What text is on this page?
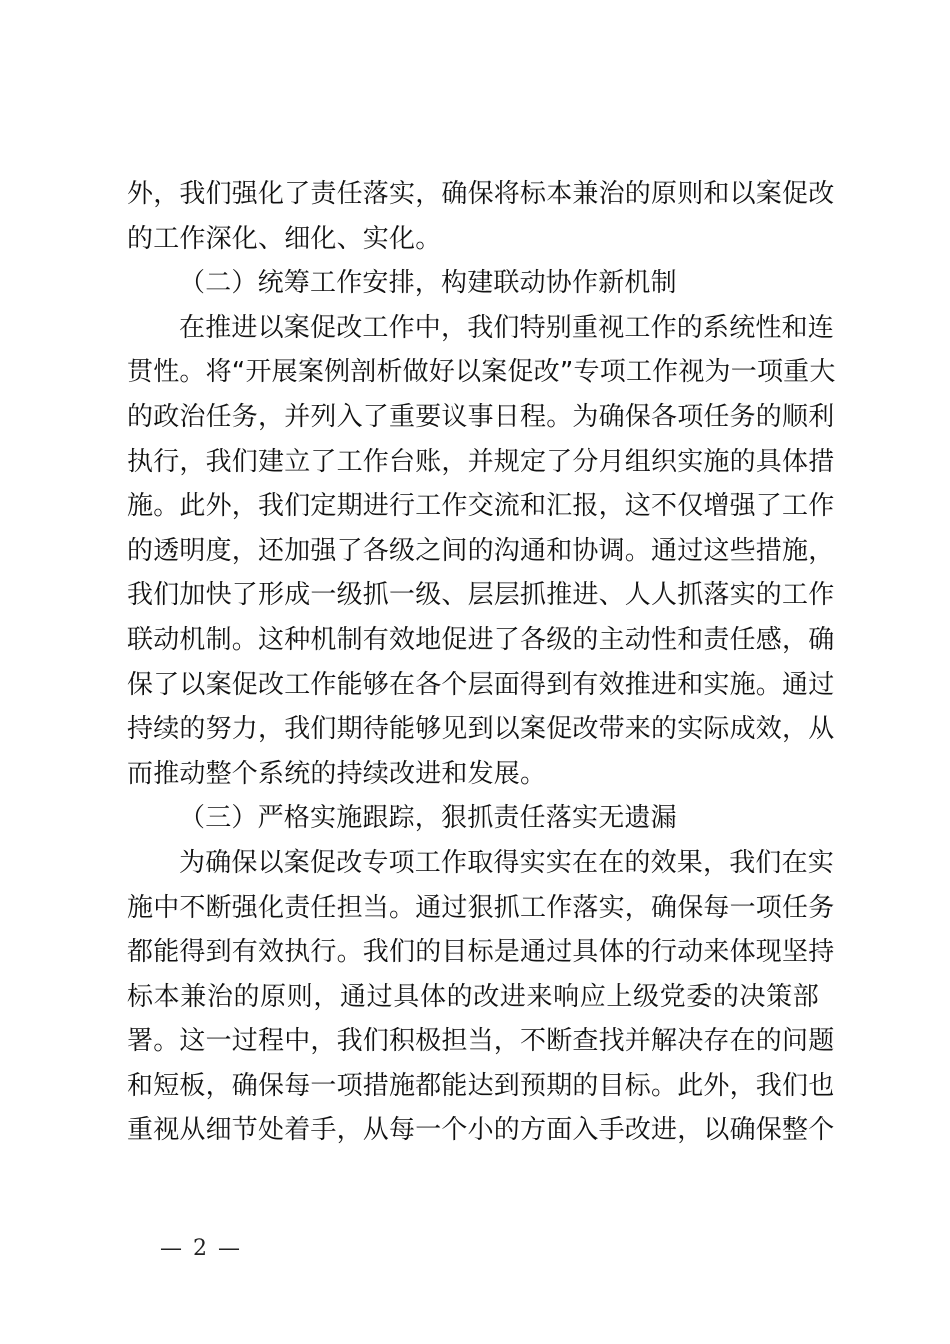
外，我们强化了责任落实，确保将标本兼治的原则和以案促改
的工作深化、细化、实化。
（二）统筹工作安排，构建联动协作新机制
在推进以案促改工作中，我们特别重视工作的系统性和连
贯性。将“开展案例剖析做好以案促改”专项工作视为一项重大
的政治任务，并列入了重要议事日程。为确保各项任务的顺利
执行，我们建立了工作台账，并规定了分月组织实施的具体措
施。此外，我们定期进行工作交流和汇报，这不仅增强了工作
的透明度，还加强了各级之间的沟通和协调。通过这些措施，
我们加快了形成一级抓一级、层层抓推进、人人抓落实的工作
联动机制。这种机制有效地促进了各级的主动性和责任感，确
保了以案促改工作能够在各个层面得到有效推进和实施。通过
持续的努力，我们期待能够见到以案促改带来的实际成效，从
而推动整个系统的持续改进和发展。
（三）严格实施跟踪，狠抓责任落实无遗漏
为确保以案促改专项工作取得实实在在的效果，我们在实
施中不断强化责任担当。通过狠抓工作落实，确保每一项任务
都能得到有效执行。我们的目标是通过具体的行动来体现坚持
标本兼治的原则，通过具体的改进来响应上级党委的决策部
署。这一过程中，我们积极担当，不断查找并解决存在的问题
和短板，确保每一项措施都能达到预期的目标。此外，我们也
重视从细节处着手，从每一个小的方面入手改进，以确保整个
— 2 —
